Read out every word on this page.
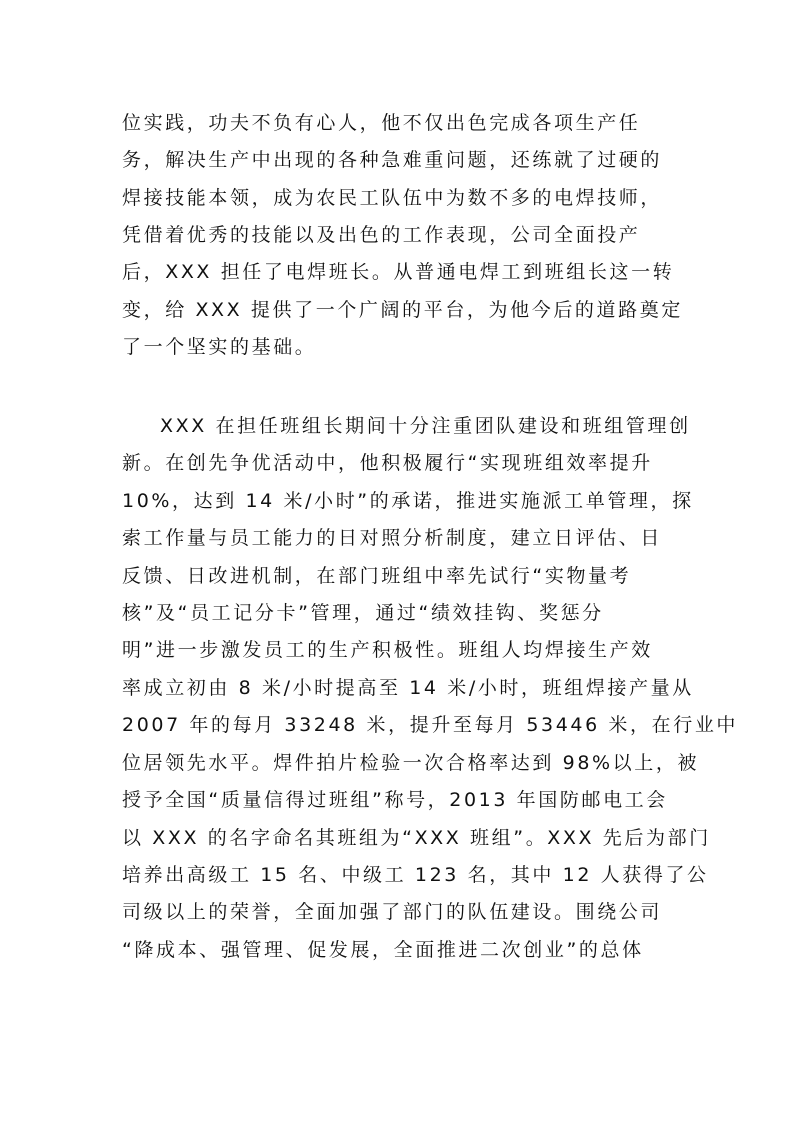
位实践，功夫不负有心人，他不仅出色完成各项生产任
务，解决生产中出现的各种急难重问题，还练就了过硬的
焊接技能本领，成为农民工队伍中为数不多的电焊技师，
凭借着优秀的技能以及出色的工作表现，公司全面投产
后，XXX 担任了电焊班长。从普通电焊工到班组长这一转
变，给 XXX 提供了一个广阔的平台，为他今后的道路奠定
了一个坚实的基础。
XXX 在担任班组长期间十分注重团队建设和班组管理创
新。在创先争优活动中，他积极履行“实现班组效率提升
10%，达到 14 米/小时”的承诺，推进实施派工单管理，探
索工作量与员工能力的日对照分析制度，建立日评估、日
反馈、日改进机制，在部门班组中率先试行“实物量考
核”及“员工记分卡”管理，通过“绩效挂钩、奖惩分
明”进一步激发员工的生产积极性。班组人均焊接生产效
率成立初由 8 米/小时提高至 14 米/小时，班组焊接产量从
2007 年的每月 33248 米，提升至每月 53446 米，在行业中
位居领先水平。焊件拍片检验一次合格率达到 98%以上，被
授予全国“质量信得过班组”称号，2013 年国防邮电工会
以 XXX 的名字命名其班组为“XXX 班组”。XXX 先后为部门
培养出高级工 15 名、中级工 123 名，其中 12 人获得了公
司级以上的荣誉，全面加强了部门的队伍建设。围绕公司
“降成本、强管理、促发展，全面推进二次创业”的总体
